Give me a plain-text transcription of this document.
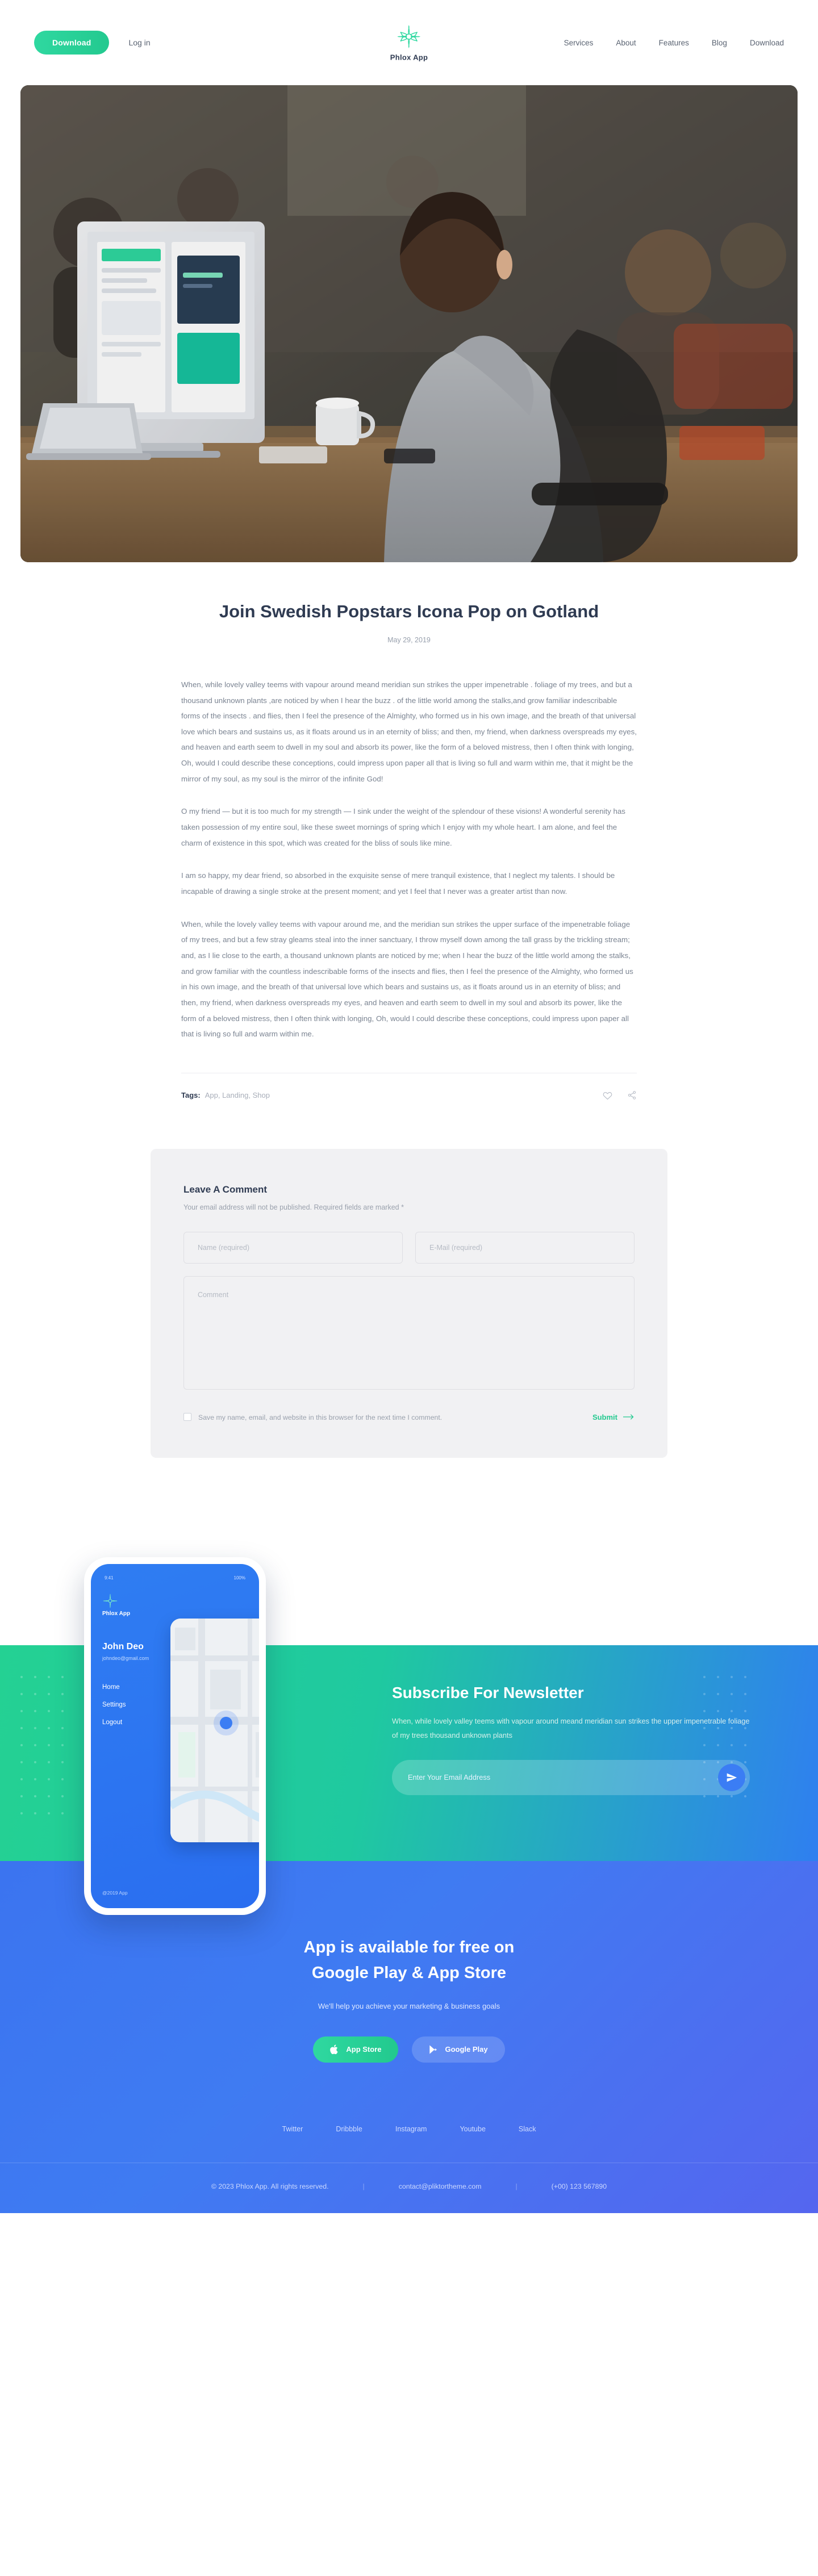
Download	Log in
Phlox App
Services	About	Features	Blog	Download
Join Swedish Popstars Icona Pop on Gotland
May 29, 2019

When, while lovely valley teems with vapour around meand meridian sun strikes the upper impenetrable . foliage of my trees, and but a thousand unknown plants ,are noticed by when I hear the buzz . of the little world among the stalks,and grow familiar indescribable forms of the insects . and flies, then I feel the presence of the Almighty, who formed us in his own image, and the breath of that universal love which bears and sustains us, as it floats around us in an eternity of bliss; and then, my friend, when darkness overspreads my eyes, and heaven and earth seem to dwell in my soul and absorb its power, like the form of a beloved mistress, then I often think with longing, Oh, would I could describe these conceptions, could impress upon paper all that is living so full and warm within me, that it might be the mirror of my soul, as my soul is the mirror of the infinite God!

O my friend — but it is too much for my strength — I sink under the weight of the splendour of these visions! A wonderful serenity has taken possession of my entire soul, like these sweet mornings of spring which I enjoy with my whole heart. I am alone, and feel the charm of existence in this spot, which was created for the bliss of souls like mine.

I am so happy, my dear friend, so absorbed in the exquisite sense of mere tranquil existence, that I neglect my talents. I should be incapable of drawing a single stroke at the present moment; and yet I feel that I never was a greater artist than now.

When, while the lovely valley teems with vapour around me, and the meridian sun strikes the upper surface of the impenetrable foliage of my trees, and but a few stray gleams steal into the inner sanctuary, I throw myself down among the tall grass by the trickling stream; and, as I lie close to the earth, a thousand unknown plants are noticed by me; when I hear the buzz of the little world among the stalks, and grow familiar with the countless indescribable forms of the insects and flies, then I feel the presence of the Almighty, who formed us in his own image, and the breath of that universal love which bears and sustains us, as it floats around us in an eternity of bliss; and then, my friend, when darkness overspreads my eyes, and heaven and earth seem to dwell in my soul and absorb its power, like the form of a beloved mistress, then I often think with longing, Oh, would I could describe these conceptions, could impress upon paper all that is living so full and warm within me.

Tags: App, Landing, Shop
Leave A Comment
Your email address will not be published. Required fields are marked *
Name (required)
E-Mail (required)
Comment
Save my name, email, and website in this browser for the next time I comment.	Submit
9:41	100%
Phlox App
John Deo
johndeo@gmail.com
Home
Settings
Logout
@2019 App
Subscribe For Newsletter
When, while lovely valley teems with vapour around meand meridian sun strikes the upper impenetrable foliage of my trees thousand unknown plants
Enter Your Email Address
App is available for free on
Google Play & App Store
We'll help you achieve your marketing & business goals
App Store	Google Play
Twitter	Dribbble	Instagram	Youtube	Slack
© 2023 Phlox App. All rights reserved.	|	contact@pliktortheme.com	|	(+00) 123 567890
